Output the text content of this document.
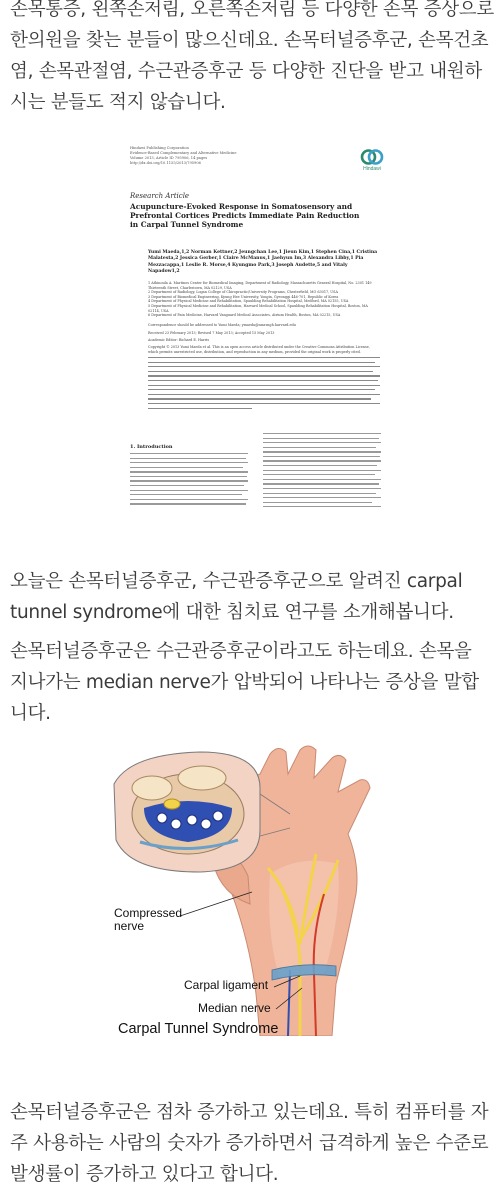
손목통증, 왼쪽손저림, 오른쪽손저림 등 다양한 손목 증상으로 한의원을 찾는 분들이 많으신데요. 손목터널증후군, 손목건초염, 손목관절염, 수근관증후군 등 다양한 진단을 받고 내원하시는 분들도 적지 않습니다.

Hindawi Publishing Corporation
Evidence-Based Complementary and Alternative Medicine
Volume 2013, Article ID 795906, 14 pages
http://dx.doi.org/10.1155/2013/795906
Hindawi
Research Article
Acupuncture-Evoked Response in Somatosensory and Prefrontal Cortices Predicts Immediate Pain Reduction in Carpal Tunnel Syndrome
Yumi Maeda,1,2 Norman Kettner,2 Jeungchan Lee,1 Jieun Kim,1 Stephen Cina,1 Cristina Malatesta,2 Jessica Gerber,1 Claire McManus,1 Jaehyun Im,3 Alexandra Libby,1 Pia Mezzacappa,1 Leslie R. Morse,4 Kyungmo Park,3 Joseph Audette,5 and Vitaly Napadow1,2
1 Athinoula A. Martinos Center for Biomedical Imaging, Department of Radiology, Massachusetts General Hospital, No. 2301 149 Thirteenth Street, Charlestown, MA 02129, USA
2 Department of Radiology, Logan College of Chiropractic/University Programs, Chesterfield, MO 63017, USA
3 Department of Biomedical Engineering, Kyung Hee University, Yongin, Gyeonggi 446-701, Republic of Korea
4 Department of Physical Medicine and Rehabilitation, Spaulding Rehabilitation Hospital, Medford, MA 02155, USA
5 Department of Physical Medicine and Rehabilitation, Harvard Medical School, Spaulding Rehabilitation Hospital, Boston, MA 02114, USA
6 Department of Pain Medicine, Harvard Vanguard Medical Associates, Atrium Health, Boston, MA 02215, USA
Correspondence should be addressed to Yumi Maeda; ymaeda@nmr.mgh.harvard.edu
Received 23 February 2013; Revised 7 May 2013; Accepted 15 May 2013
Academic Editor: Richard E. Harris
Copyright © 2013 Yumi Maeda et al. This is an open access article distributed under the Creative Commons Attribution License, which permits unrestricted use, distribution, and reproduction in any medium, provided the original work is properly cited.
1. Introduction

오늘은 손목터널증후군, 수근관증후군으로 알려진 carpal tunnel syndrome에 대한 침치료 연구를 소개해봅니다.

손목터널증후군은 수근관증후군이라고도 하는데요. 손목을 지나가는 median nerve가 압박되어 나타나는 증상을 말합니다.

Compressed nerve
Carpal ligament
Median nerve
Carpal Tunnel Syndrome

손목터널증후군은 점차 증가하고 있는데요. 특히 컴퓨터를 자주 사용하는 사람의 숫자가 증가하면서 급격하게 높은 수준로 발생률이 증가하고 있다고 합니다.
